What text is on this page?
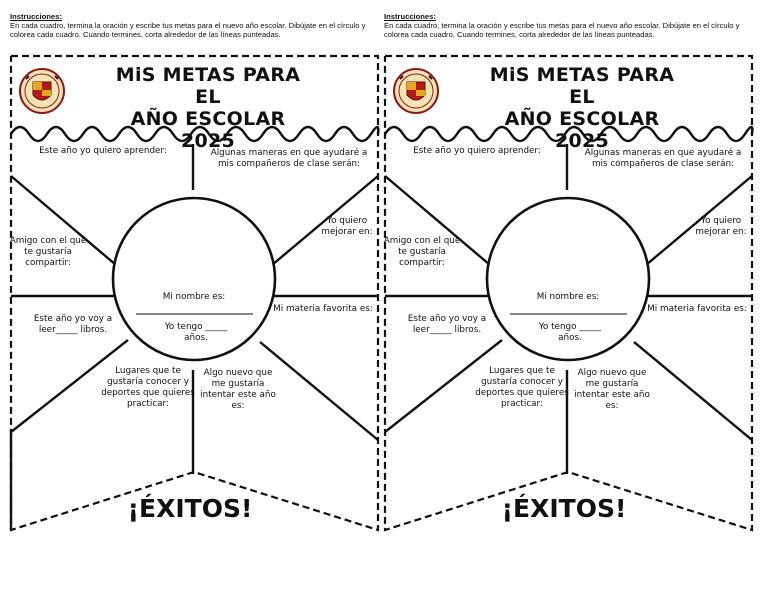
Instrucciones:
En cada cuadro, termina la oración y escribe tus metas para el nuevo año escolar. Dibújate en el círculo y colorea cada cuadro. Cuando termines, corta alrededor de las líneas punteadas.
MiS METAS PARA EL
AÑO ESCOLAR 2025
Este año yo quiero aprender:	Algunas maneras en que ayudaré a mis compañeros de clase serán:
Yo quiero mejorar en:
Amigo con el que te gustaría compartir:
Mi nombre es:
Yo tengo _____ años.
Este año yo voy a leer_____ libros.
Mi materia favorita es:
Lugares que te gustaría conocer y deportes que quieres practicar:
Algo nuevo que me gustaría intentar este año es:
¡ÉXITOS!
Instrucciones:
En cada cuadro, termina la oración y escribe tus metas para el nuevo año escolar. Dibújate en el círculo y colorea cada cuadro. Cuando termines, corta alrededor de las líneas punteadas.
MiS METAS PARA EL
AÑO ESCOLAR 2025
Este año yo quiero aprender:	Algunas maneras en que ayudaré a mis compañeros de clase serán:
Yo quiero mejorar en:
Amigo con el que te gustaría compartir:
Mi nombre es:
Yo tengo _____ años.
Este año yo voy a leer_____ libros.
Mi materia favorita es:
Lugares que te gustaría conocer y deportes que quieres practicar:
Algo nuevo que me gustaría intentar este año es:
¡ÉXITOS!
